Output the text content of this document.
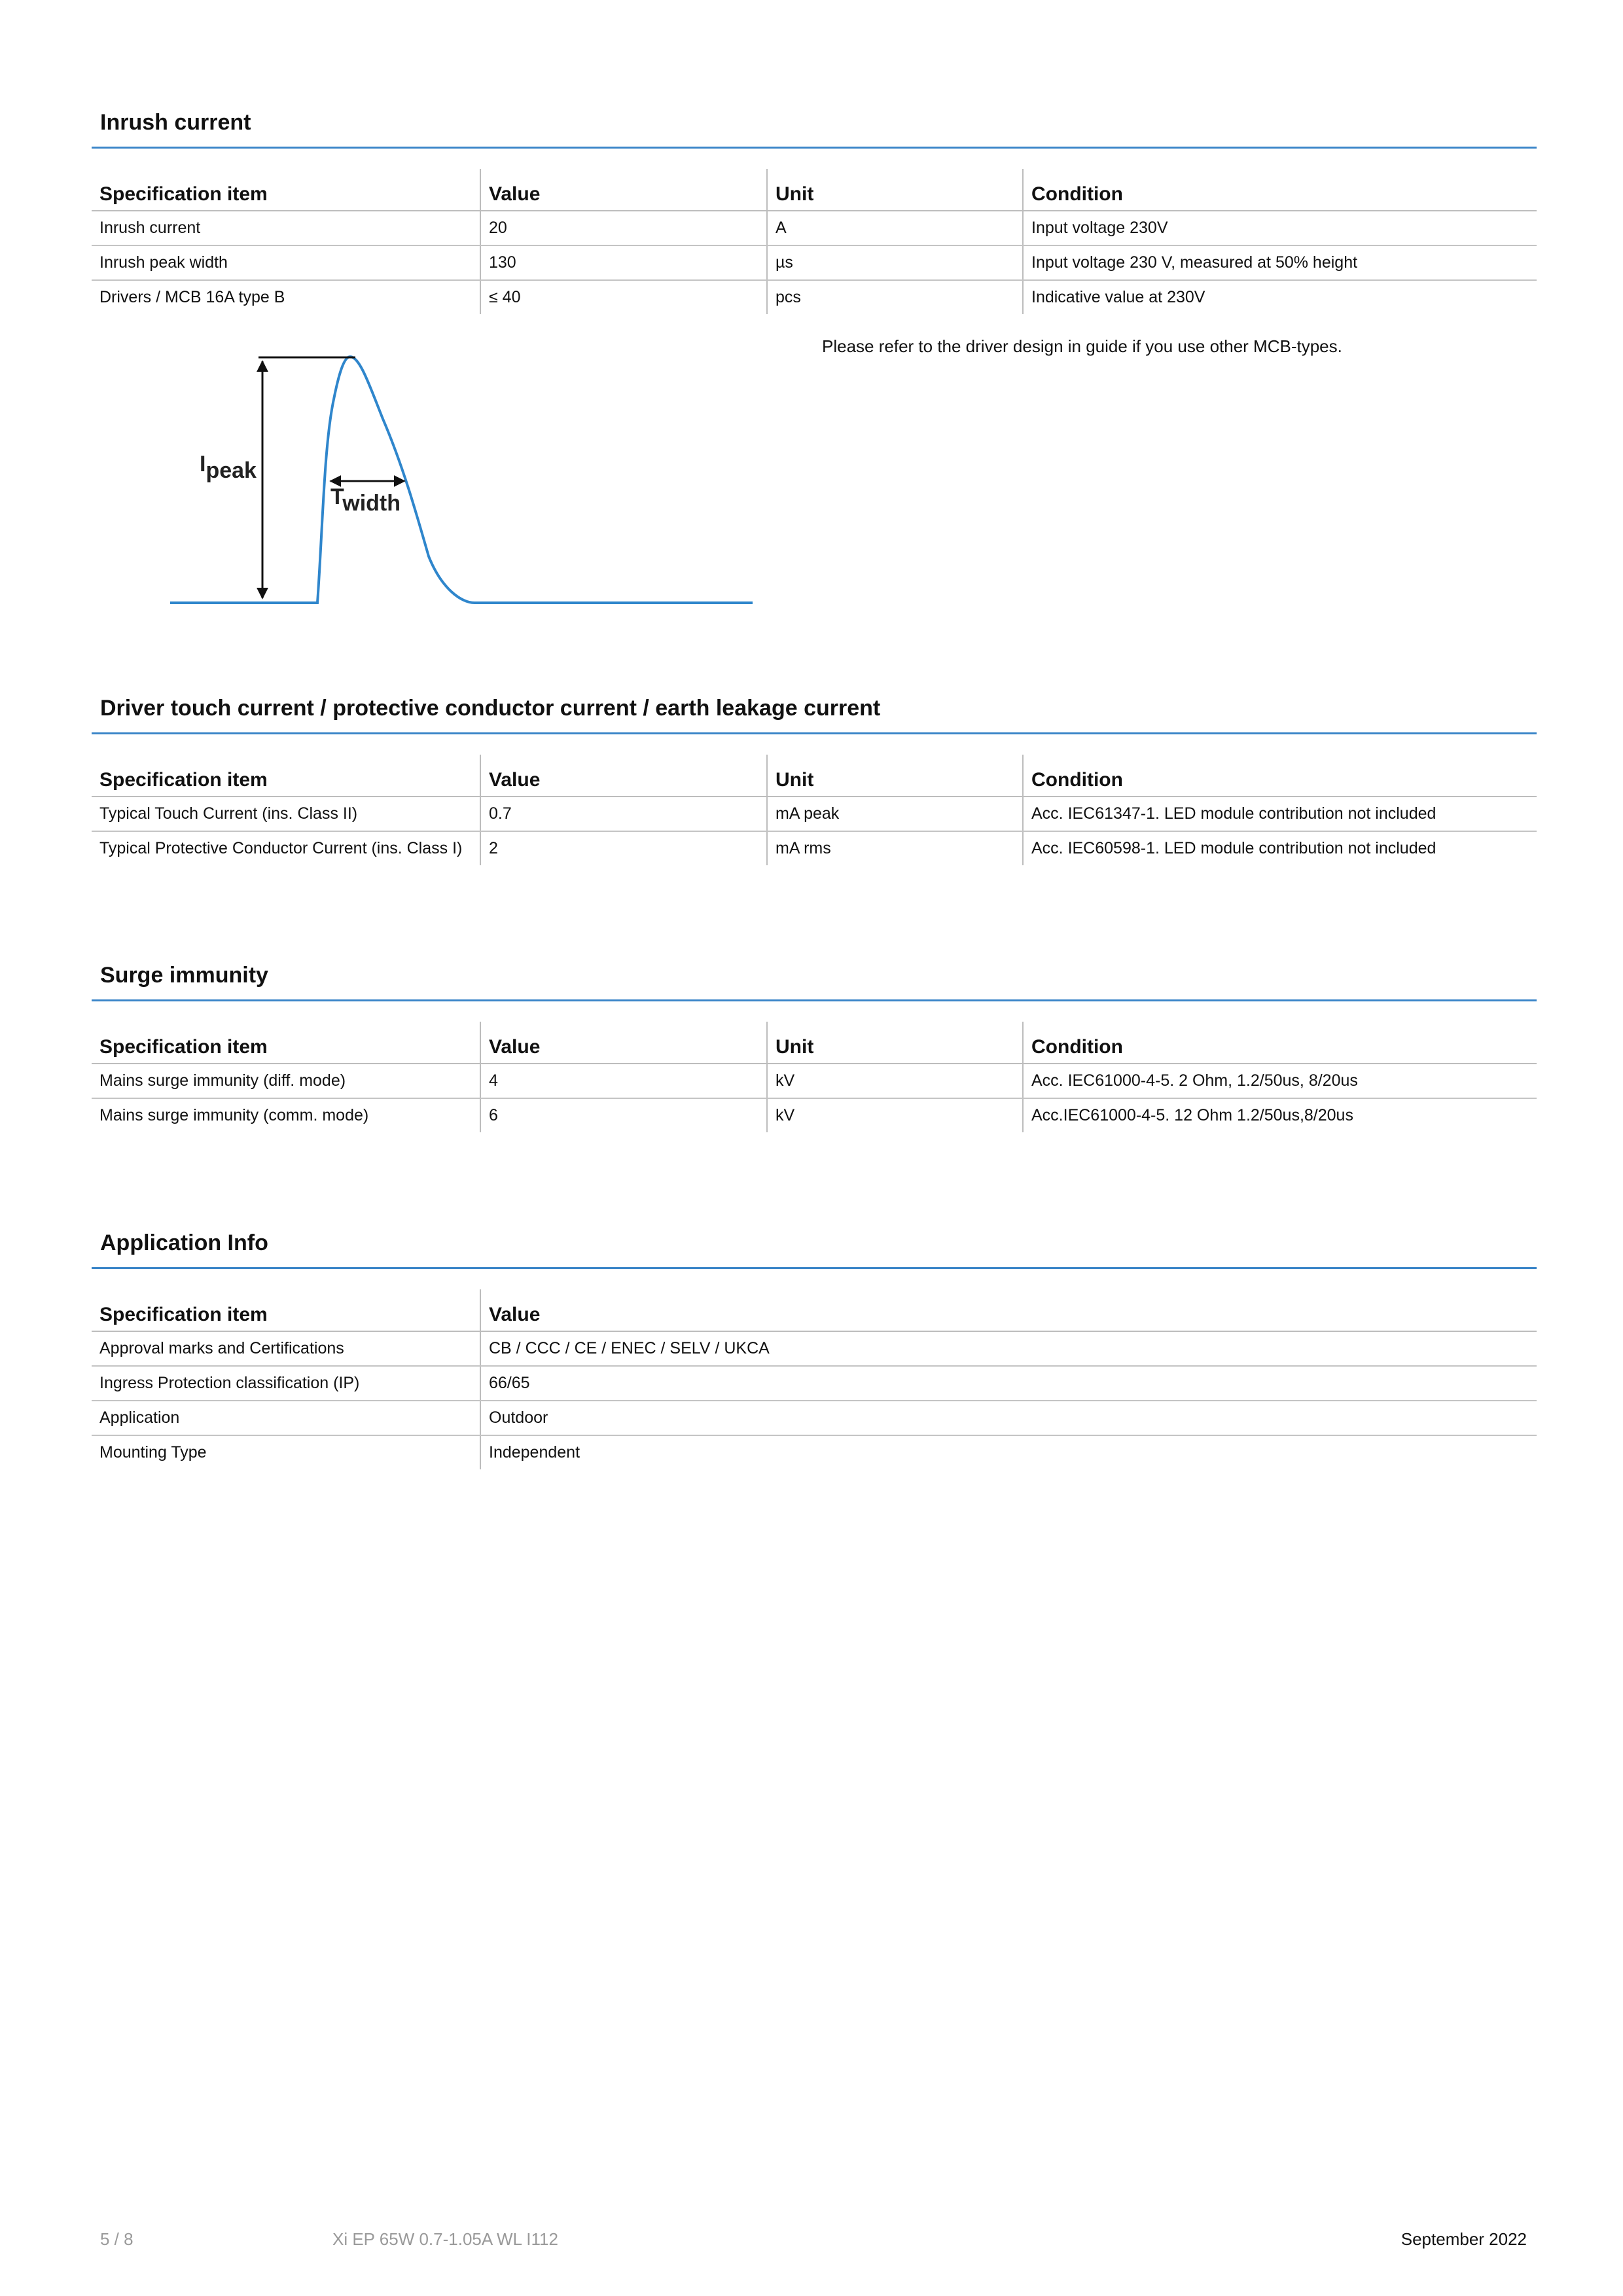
Inrush current
Specification item	Value	Unit	Condition
Inrush current	20	A	Input voltage 230V
Inrush peak width	130	µs	Input voltage 230 V, measured at 50% height
Drivers / MCB 16A type B	≤ 40	pcs	Indicative value at 230V
Please refer to the driver design in guide if you use other MCB-types.
Ipeak
Twidth
Driver touch current / protective conductor current / earth leakage current
Specification item	Value	Unit	Condition
Typical Touch Current (ins. Class II)	0.7	mA peak	Acc. IEC61347-1. LED module contribution not included
Typical Protective Conductor Current (ins. Class I)	2	mA rms	Acc. IEC60598-1. LED module contribution not included
Surge immunity
Specification item	Value	Unit	Condition
Mains surge immunity (diff. mode)	4	kV	Acc. IEC61000-4-5. 2 Ohm, 1.2/50us, 8/20us
Mains surge immunity (comm. mode)	6	kV	Acc.IEC61000-4-5. 12 Ohm 1.2/50us,8/20us
Application Info
Specification item	Value
Approval marks and Certifications	CB / CCC / CE / ENEC / SELV / UKCA
Ingress Protection classification (IP)	66/65
Application	Outdoor
Mounting Type	Independent
5 / 8	Xi EP 65W 0.7-1.05A WL I112	September 2022
